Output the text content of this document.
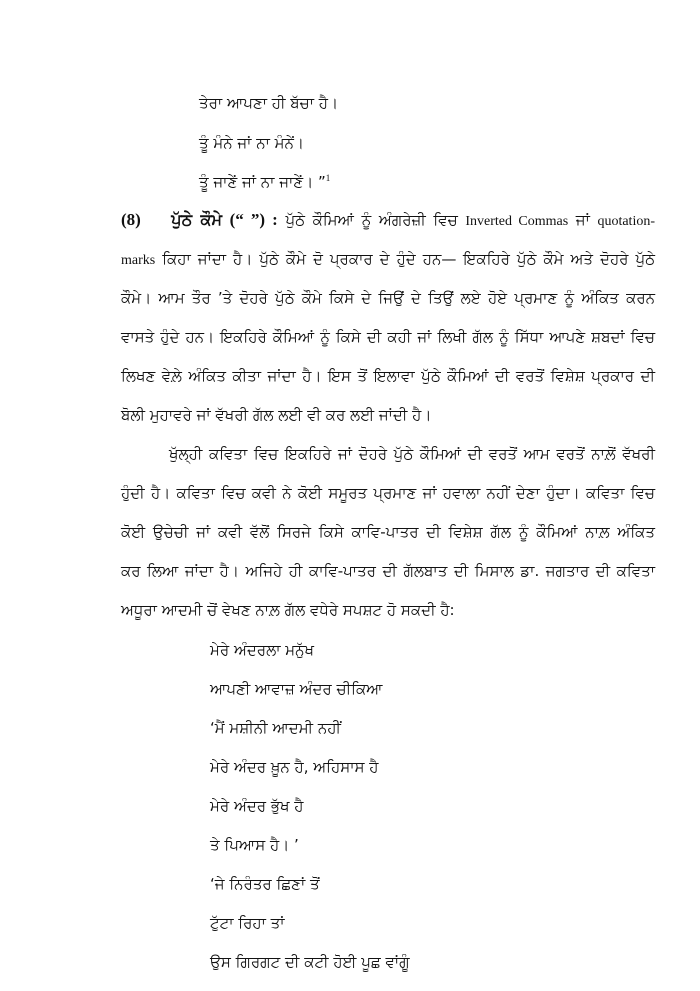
ਤੇਰਾ ਆਪਣਾ ਹੀ ਬੱਚਾ ਹੈ।
ਤੂੰ ਮੰਨੇ ਜਾਂ ਨਾ ਮੰਨੇਂ।
ਤੂੰ ਜਾਣੇਂ ਜਾਂ ਨਾ ਜਾਣੇਂ। ”$^1$
(8) ਪੁੱਠੇ ਕੌਮੇ (“ ”) : ਪੁੱਠੇ ਕੌਮਿਆਂ ਨੂੰ ਅੰਗਰੇਜ਼ੀ ਵਿਚ Inverted Commas ਜਾਂ quotation-
marks ਕਿਹਾ ਜਾਂਦਾ ਹੈ। ਪੁੱਠੇ ਕੌਮੇ ਦੋ ਪ੍ਰਕਾਰ ਦੇ ਹੁੰਦੇ ਹਨ— ਇਕਹਿਰੇ ਪੁੱਠੇ ਕੌਮੇ ਅਤੇ ਦੋਹਰੇ ਪੁੱਠੇ
ਕੌਮੇ। ਆਮ ਤੌਰ ’ਤੇ ਦੋਹਰੇ ਪੁੱਠੇ ਕੌਮੇ ਕਿਸੇ ਦੇ ਜਿਉਂ ਦੇ ਤਿਉਂ ਲਏ ਹੋਏ ਪ੍ਰਮਾਣ ਨੂੰ ਅੰਕਿਤ ਕਰਨ
ਵਾਸਤੇ ਹੁੰਦੇ ਹਨ। ਇਕਹਿਰੇ ਕੌਮਿਆਂ ਨੂੰ ਕਿਸੇ ਦੀ ਕਹੀ ਜਾਂ ਲਿਖੀ ਗੱਲ ਨੂੰ ਸਿੱਧਾ ਆਪਣੇ ਸ਼ਬਦਾਂ ਵਿਚ
ਲਿਖਣ ਵੇਲ਼ੇ ਅੰਕਿਤ ਕੀਤਾ ਜਾਂਦਾ ਹੈ। ਇਸ ਤੋਂ ਇਲਾਵਾ ਪੁੱਠੇ ਕੌਮਿਆਂ ਦੀ ਵਰਤੋਂ ਵਿਸ਼ੇਸ਼ ਪ੍ਰਕਾਰ ਦੀ
ਬੋਲੀ ਮੁਹਾਵਰੇ ਜਾਂ ਵੱਖਰੀ ਗੱਲ ਲਈ ਵੀ ਕਰ ਲਈ ਜਾਂਦੀ ਹੈ।
ਖੁੱਲ੍ਹੀ ਕਵਿਤਾ ਵਿਚ ਇਕਹਿਰੇ ਜਾਂ ਦੋਹਰੇ ਪੁੱਠੇ ਕੌਮਿਆਂ ਦੀ ਵਰਤੋਂ ਆਮ ਵਰਤੋਂ ਨਾਲ਼ੋਂ ਵੱਖਰੀ
ਹੁੰਦੀ ਹੈ। ਕਵਿਤਾ ਵਿਚ ਕਵੀ ਨੇ ਕੋਈ ਸਮੂਰਤ ਪ੍ਰਮਾਣ ਜਾਂ ਹਵਾਲਾ ਨਹੀਂ ਦੇਣਾ ਹੁੰਦਾ। ਕਵਿਤਾ ਵਿਚ
ਕੋਈ ਉਚੇਚੀ ਜਾਂ ਕਵੀ ਵੱਲੋਂ ਸਿਰਜੇ ਕਿਸੇ ਕਾਵਿ-ਪਾਤਰ ਦੀ ਵਿਸ਼ੇਸ਼ ਗੱਲ ਨੂੰ ਕੌਮਿਆਂ ਨਾਲ਼ ਅੰਕਿਤ
ਕਰ ਲਿਆ ਜਾਂਦਾ ਹੈ। ਅਜਿਹੇ ਹੀ ਕਾਵਿ-ਪਾਤਰ ਦੀ ਗੱਲਬਾਤ ਦੀ ਮਿਸਾਲ ਡਾ. ਜਗਤਾਰ ਦੀ ਕਵਿਤਾ
ਅਧੂਰਾ ਆਦਮੀ ਚੋਂ ਵੇਖਣ ਨਾਲ਼ ਗੱਲ ਵਧੇਰੇ ਸਪਸ਼ਟ ਹੋ ਸਕਦੀ ਹੈ:
ਮੇਰੇ ਅੰਦਰਲਾ ਮਨੁੱਖ
ਆਪਣੀ ਆਵਾਜ਼ ਅੰਦਰ ਚੀਕਿਆ
‘ਮੈਂ ਮਸ਼ੀਨੀ ਆਦਮੀ ਨਹੀਂ
ਮੇਰੇ ਅੰਦਰ ਖ਼ੂਨ ਹੈ, ਅਹਿਸਾਸ ਹੈ
ਮੇਰੇ ਅੰਦਰ ਭੁੱਖ ਹੈ
ਤੇ ਪਿਆਸ ਹੈ। ’
‘ਜੇ ਨਿਰੰਤਰ ਛਿਣਾਂ ਤੋਂ
ਟੁੱਟਾ ਰਿਹਾ ਤਾਂ
ਉਸ ਗਿਰਗਟ ਦੀ ਕਟੀ ਹੋਈ ਪੂਛ ਵਾਂਗੂੰ
